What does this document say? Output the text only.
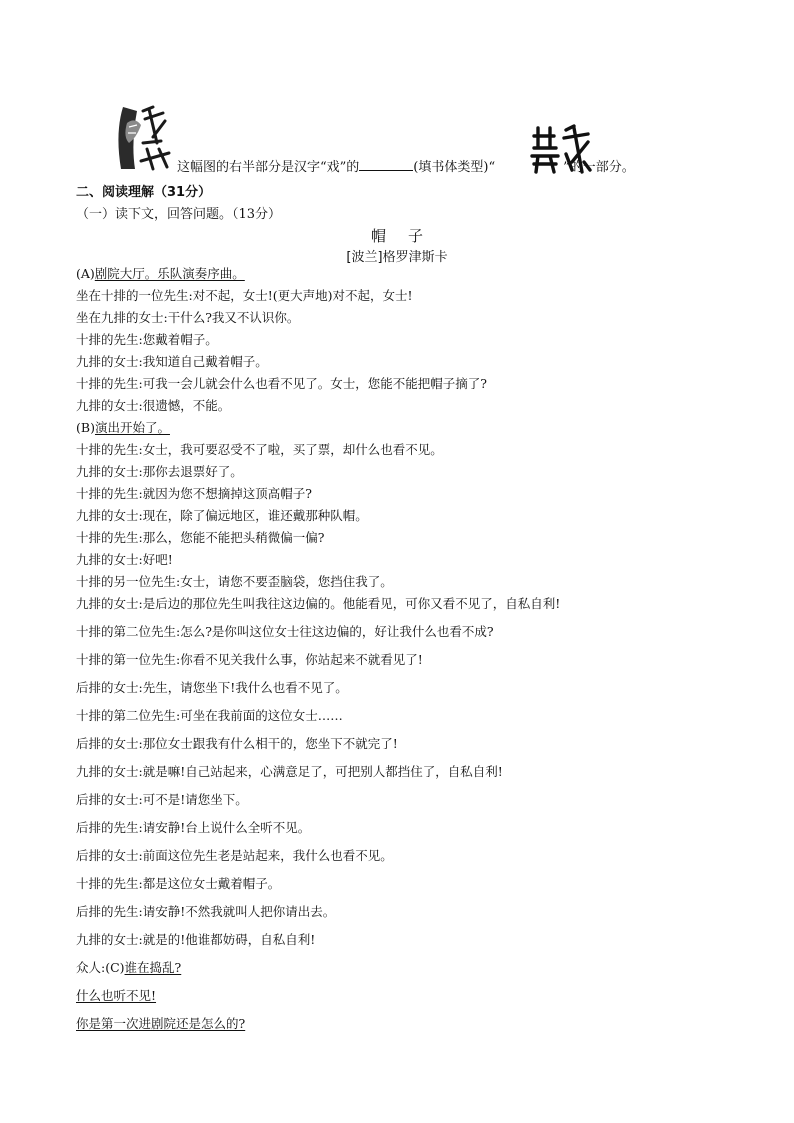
这幅图的右半部分是汉字“戏”的	(填书体类型)“	”的一部分。
二、阅读理解（31分）
（一）读下文，回答问题。（13分）
帽子
[波兰]格罗津斯卡
(A)剧院大厅。乐队演奏序曲。
坐在十排的一位先生:对不起，女士!(更大声地)对不起，女士!
坐在九排的女士:干什么?我又不认识你。
十排的先生:您戴着帽子。
九排的女士:我知道自己戴着帽子。
十排的先生:可我一会儿就会什么也看不见了。女士，您能不能把帽子摘了?
九排的女士:很遗憾，不能。
(B)演出开始了。
十排的先生:女士，我可要忍受不了啦，买了票，却什么也看不见。
九排的女士:那你去退票好了。
十排的先生:就因为您不想摘掉这顶高帽子?
九排的女士:现在，除了偏远地区，谁还戴那种队帽。
十排的先生:那么，您能不能把头稍微偏一偏?
九排的女士:好吧!
十排的另一位先生:女士，请您不要歪脑袋，您挡住我了。
九排的女士:是后边的那位先生叫我往这边偏的。他能看见，可你又看不见了，自私自利!
十排的第二位先生:怎么?是你叫这位女士往这边偏的，好让我什么也看不成?
十排的第一位先生:你看不见关我什么事，你站起来不就看见了!
后排的女士:先生，请您坐下!我什么也看不见了。
十排的第二位先生:可坐在我前面的这位女士……
后排的女士:那位女士跟我有什么相干的，您坐下不就完了!
九排的女士:就是嘛!自己站起来，心满意足了，可把别人都挡住了，自私自利!
后排的女士:可不是!请您坐下。
后排的先生:请安静!台上说什么全听不见。
后排的女士:前面这位先生老是站起来，我什么也看不见。
十排的先生:都是这位女士戴着帽子。
后排的先生:请安静!不然我就叫人把你请出去。
九排的女士:就是的!他谁都妨碍，自私自利!
众人:(C)谁在捣乱?
什么也听不见!
你是第一次进剧院还是怎么的?
